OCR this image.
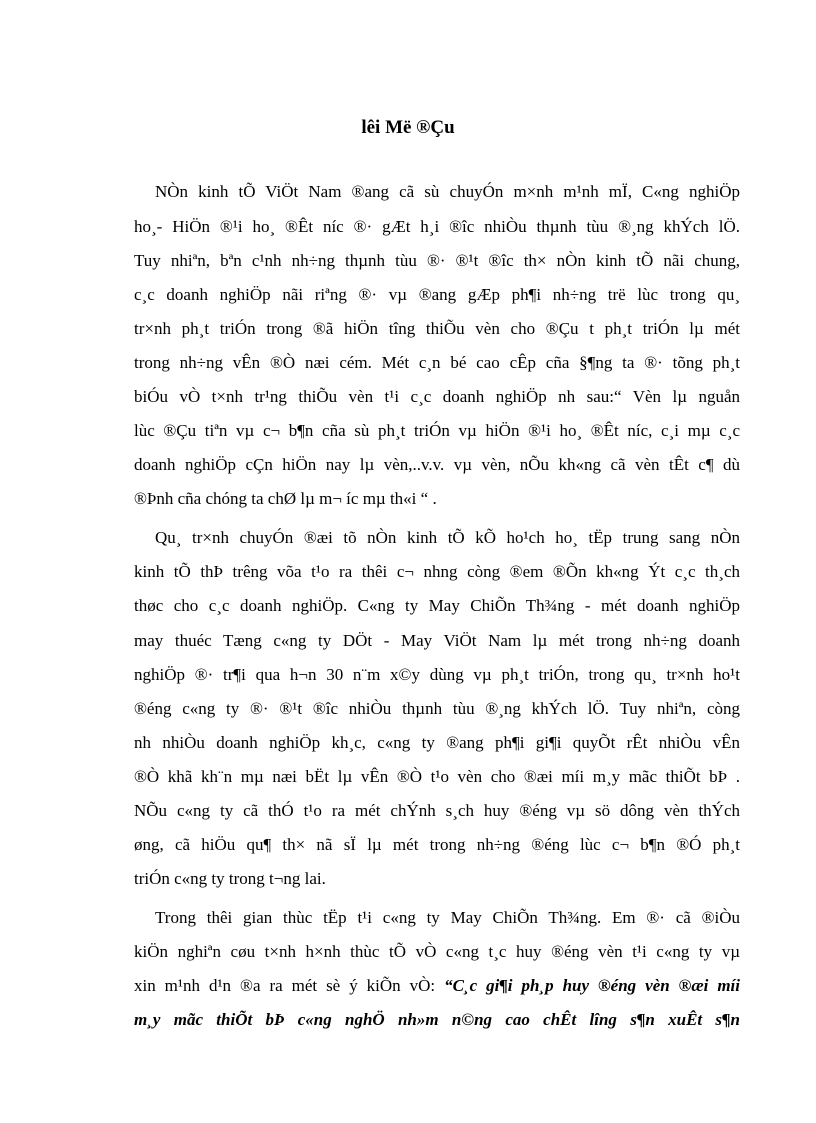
lêi Më ®Çu
NÒn kinh tÕ ViÖt Nam ®ang cã sù chuyÓn m×nh m¹nh mÏ, C«ng nghiÖp
ho¸- HiÖn ®¹i ho¸ ®Êt níc ®· gÆt h¸i ®îc nhiÒu thµnh tùu ®¸ng khÝch lÖ.
Tuy nhiªn, bªn c¹nh nh÷ng thµnh tùu ®· ®¹t ®îc th× nÒn kinh tÕ nãi chung,
c¸c doanh nghiÖp nãi riªng ®· vµ ®ang gÆp ph¶i nh÷ng trë lùc trong qu¸
tr×nh ph¸t triÓn trong ®ã hiÖn tîng thiÕu vèn cho ®Çu t ph¸t triÓn lµ mét
trong nh÷ng vÊn ®Ò næi cém. Mét c¸n bé cao cÊp cña §¶ng ta ®· tõng ph¸t
biÓu vÒ t×nh tr¹ng thiÕu vèn t¹i c¸c doanh nghiÖp nh sau:“ Vèn lµ nguån
lùc ®Çu tiªn vµ c¬ b¶n cña sù ph¸t triÓn vµ hiÖn ®¹i ho¸ ®Êt níc, c¸i mµ c¸c
doanh nghiÖp cÇn hiÖn nay lµ vèn,..v.v. vµ vèn, nÕu kh«ng cã vèn tÊt c¶ dù
®Þnh cña chóng ta chØ lµ m¬ íc mµ th«i “ .
Qu¸ tr×nh chuyÓn ®æi tõ nÒn kinh tÕ kÕ ho¹ch ho¸ tËp trung sang nÒn
kinh tÕ thÞ trêng võa t¹o ra thêi c¬ nhng còng ®em ®Õn kh«ng Ýt c¸c th¸ch
thøc cho c¸c doanh nghiÖp. C«ng ty May ChiÕn Th¾ng - mét doanh nghiÖp
may thuéc Tæng c«ng ty DÖt - May ViÖt Nam lµ mét trong nh÷ng doanh
nghiÖp ®· tr¶i qua h¬n 30 n¨m x©y dùng vµ ph¸t triÓn, trong qu¸ tr×nh ho¹t
®éng c«ng ty ®· ®¹t ®îc nhiÒu thµnh tùu ®¸ng khÝch lÖ. Tuy nhiªn, còng
nh nhiÒu doanh nghiÖp kh¸c, c«ng ty ®ang ph¶i gi¶i quyÕt rÊt nhiÒu vÊn
®Ò khã kh¨n mµ næi bËt lµ vÊn ®Ò t¹o vèn cho ®æi míi m¸y mãc thiÕt bÞ .
NÕu c«ng ty cã thÓ t¹o ra mét chÝnh s¸ch huy ®éng vµ sö dông vèn thÝch
øng, cã hiÖu qu¶ th× nã sÏ lµ mét trong nh÷ng ®éng lùc c¬ b¶n ®Ó ph¸t
triÓn c«ng ty trong t¬ng lai.
Trong thêi gian thùc tËp t¹i c«ng ty May ChiÕn Th¾ng. Em ®· cã ®iÒu
kiÖn nghiªn cøu t×nh h×nh thùc tÕ vÒ c«ng t¸c huy ®éng vèn t¹i c«ng ty vµ
xin m¹nh d¹n ®a ra mét sè ý kiÕn vÒ: “C¸c gi¶i ph¸p huy ®éng vèn ®æi míi
m¸y mãc thiÕt bÞ c«ng nghÖ nh»m n©ng cao chÊt lîng s¶n xuÊt s¶n
